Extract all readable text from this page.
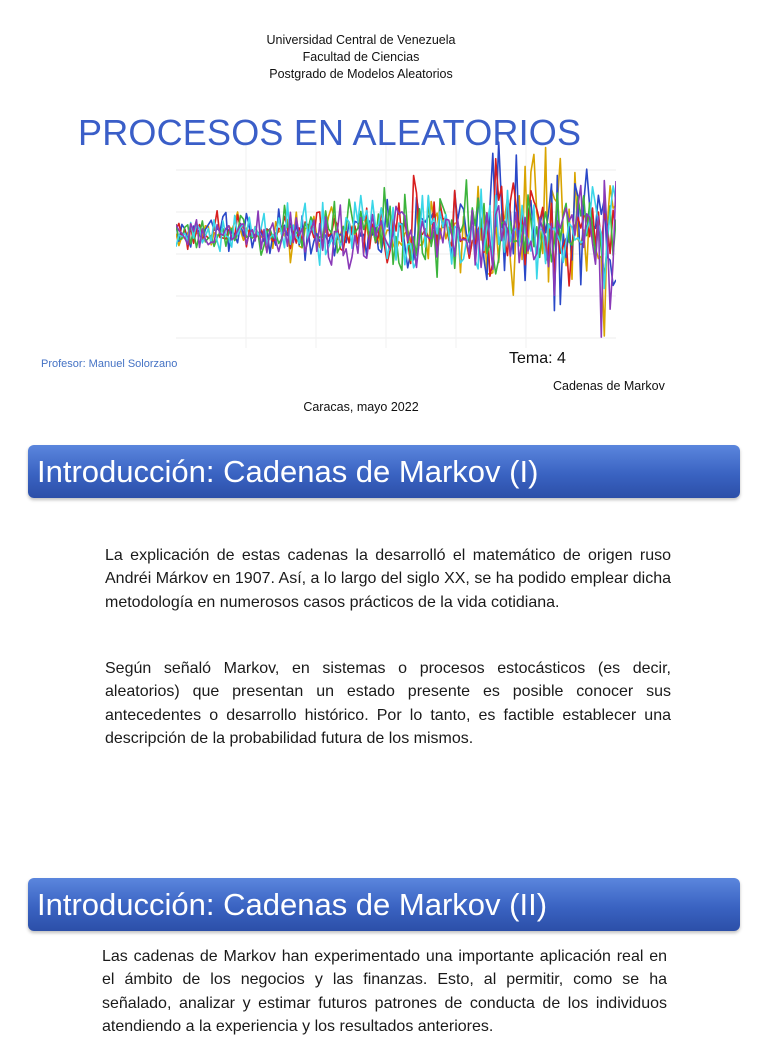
Universidad Central de Venezuela
Facultad de Ciencias
Postgrado de Modelos Aleatorios
PROCESOS EN ALEATORIOS
Profesor: Manuel Solorzano	Tema: 4
Cadenas de Markov
Caracas, mayo 2022
Introducción: Cadenas de Markov (I)

La explicación de estas cadenas la desarrolló el matemático de origen ruso Andréi Márkov en 1907. Así, a lo largo del siglo XX, se ha podido emplear dicha metodología en numerosos casos prácticos de la vida cotidiana.

Según señaló Markov, en sistemas o procesos estocásticos (es decir, aleatorios) que presentan un estado presente es posible conocer sus antecedentes o desarrollo histórico. Por lo tanto, es factible establecer una descripción de la probabilidad futura de los mismos.

Introducción: Cadenas de Markov (II)

Las cadenas de Markov han experimentado una importante aplicación real en el ámbito de los negocios y las finanzas. Esto, al permitir, como se ha señalado, analizar y estimar futuros patrones de conducta de los individuos atendiendo a la experiencia y los resultados anteriores.
